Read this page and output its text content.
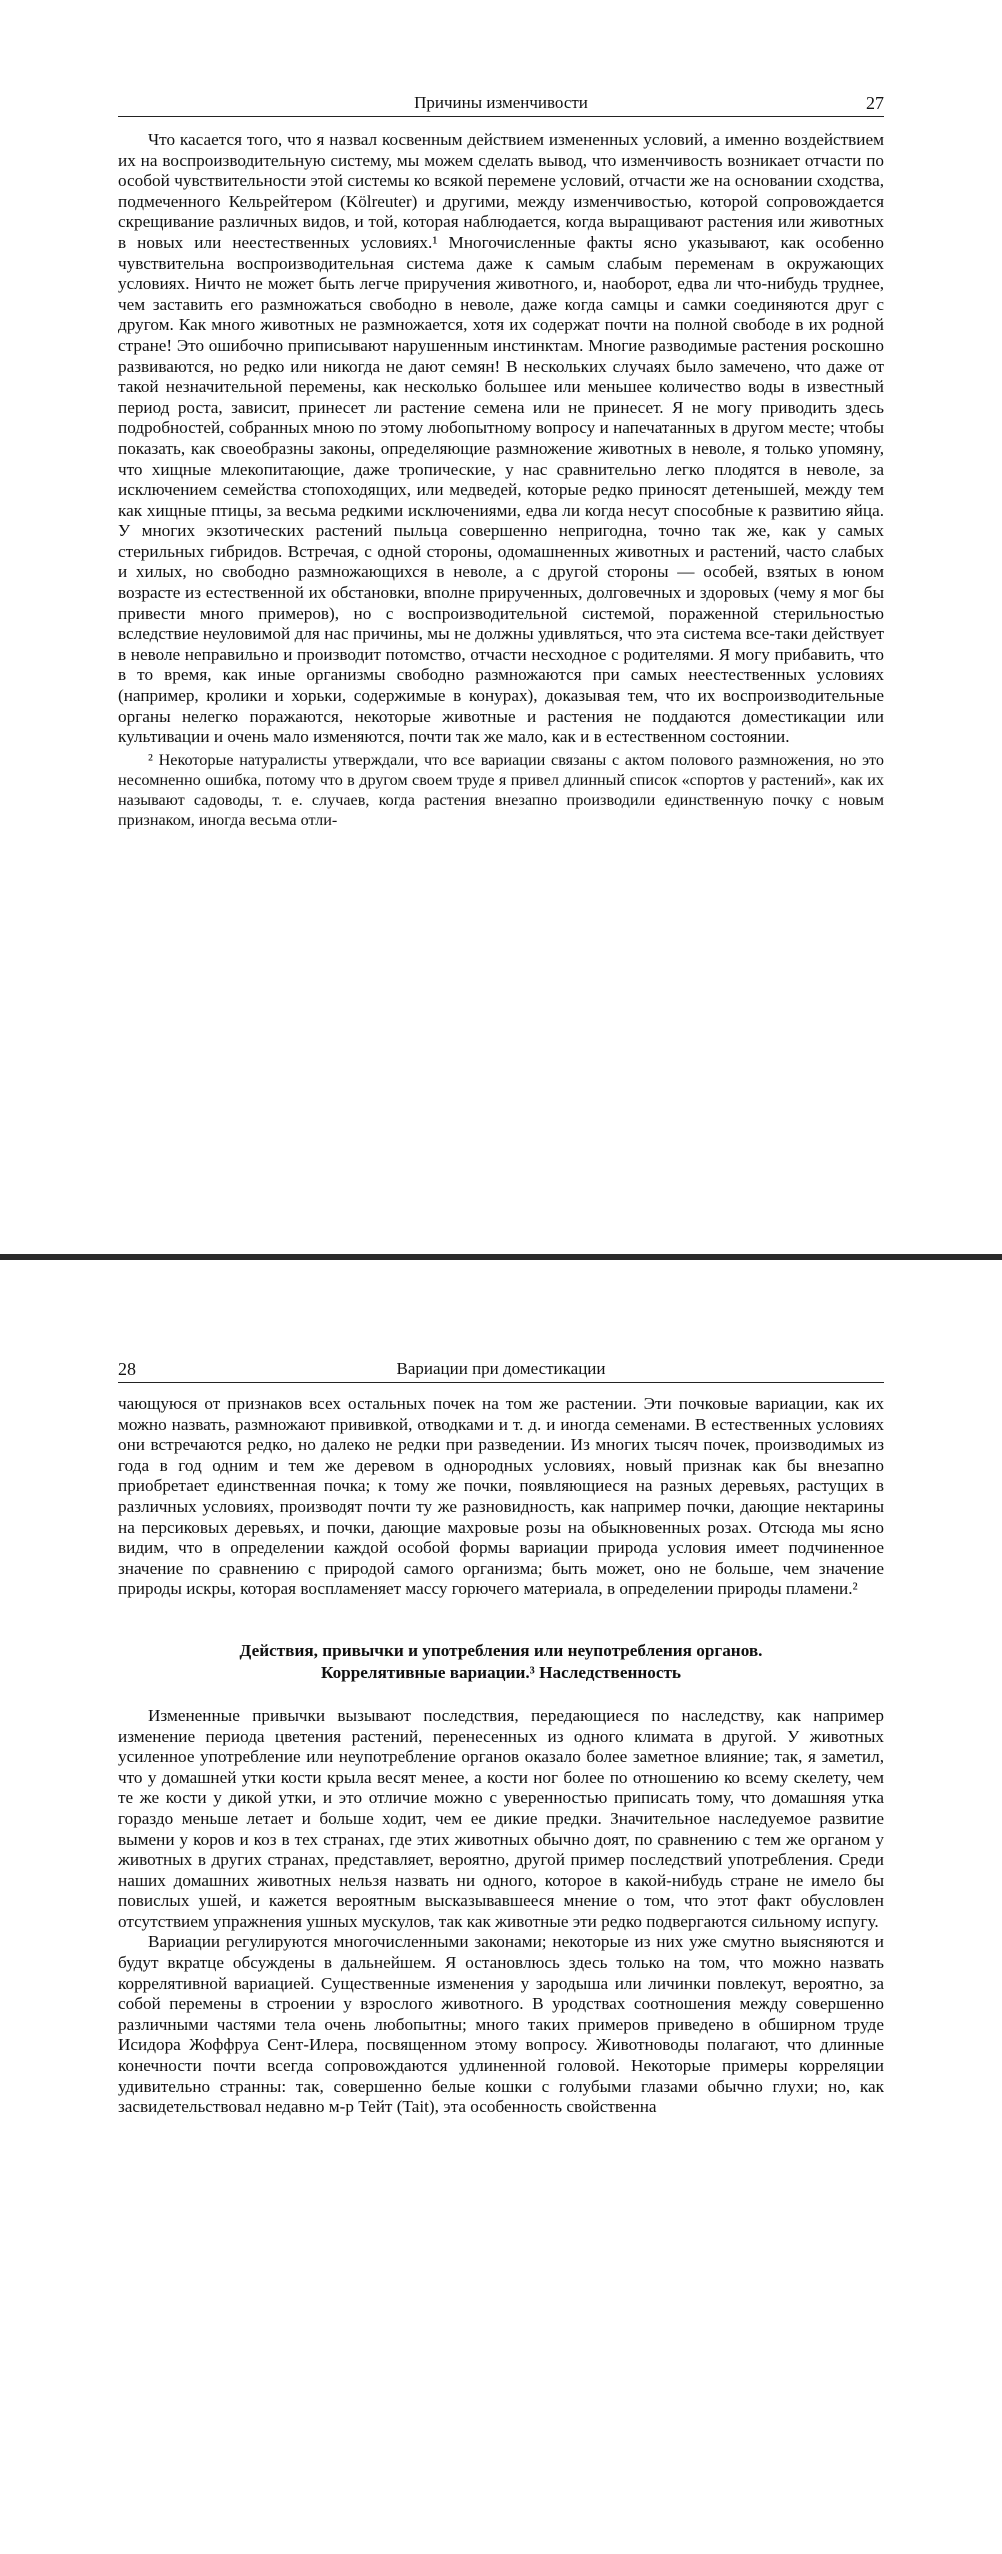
Причины изменчивости	27

Что касается того, что я назвал косвенным действием измененных условий, а именно воздействием их на воспроизводительную систему, мы можем сделать вывод, что изменчивость возникает отчасти по особой чувствительности этой системы ко всякой перемене условий, отчасти же на основании сходства, подмеченного Кельрейтером (Kölreuter) и другими, между изменчивостью, которой сопровождается скрещивание различных видов, и той, которая наблюдается, когда выращивают растения или животных в новых или неестественных условиях.¹ Многочисленные факты ясно указывают, как особенно чувствительна воспроизводительная система даже к самым слабым переменам в окружающих условиях. Ничто не может быть легче приручения животного, и, наоборот, едва ли что-нибудь труднее, чем заставить его размножаться свободно в неволе, даже когда самцы и самки соединяются друг с другом. Как много животных не размножается, хотя их содержат почти на полной свободе в их родной стране! Это ошибочно приписывают нарушенным инстинктам. Многие разводимые растения роскошно развиваются, но редко или никогда не дают семян! В нескольких случаях было замечено, что даже от такой незначительной перемены, как несколько большее или меньшее количество воды в известный период роста, зависит, принесет ли растение семена или не принесет. Я не могу приводить здесь подробностей, собранных мною по этому любопытному вопросу и напечатанных в другом месте; чтобы показать, как своеобразны законы, определяющие размножение животных в неволе, я только упомяну, что хищные млекопитающие, даже тропические, у нас сравнительно легко плодятся в неволе, за исключением семейства стопоходящих, или медведей, которые редко приносят детенышей, между тем как хищные птицы, за весьма редкими исключениями, едва ли когда несут способные к развитию яйца. У многих экзотических растений пыльца совершенно непригодна, точно так же, как у самых стерильных гибридов. Встречая, с одной стороны, одомашненных животных и растений, часто слабых и хилых, но свободно размножающихся в неволе, а с другой стороны — особей, взятых в юном возрасте из естественной их обстановки, вполне прирученных, долговечных и здоровых (чему я мог бы привести много примеров), но с воспроизводительной системой, пораженной стерильностью вследствие неуловимой для нас причины, мы не должны удивляться, что эта система все-таки действует в неволе неправильно и производит потомство, отчасти несходное с родителями. Я могу прибавить, что в то время, как иные организмы свободно размножаются при самых неестественных условиях (например, кролики и хорьки, содержимые в конурах), доказывая тем, что их воспроизводительные органы нелегко поражаются, некоторые животные и растения не поддаются доместикации или культивации и очень мало изменяются, почти так же мало, как и в естественном состоянии.

² Некоторые натуралисты утверждали, что все вариации связаны с актом полового размножения, но это несомненно ошибка, потому что в другом своем труде я привел длинный список «спортов у растений», как их называют садоводы, т. е. случаев, когда растения внезапно производили единственную почку с новым признаком, иногда весьма отли-

28	Вариации при доместикации

чающуюся от признаков всех остальных почек на том же растении. Эти почковые вариации, как их можно назвать, размножают прививкой, отводками и т. д. и иногда семенами. В естественных условиях они встречаются редко, но далеко не редки при разведении. Из многих тысяч почек, производимых из года в год одним и тем же деревом в однородных условиях, новый признак как бы внезапно приобретает единственная почка; к тому же почки, появляющиеся на разных деревьях, растущих в различных условиях, производят почти ту же разновидность, как например почки, дающие нектарины на персиковых деревьях, и почки, дающие махровые розы на обыкновенных розах. Отсюда мы ясно видим, что в определении каждой особой формы вариации природа условия имеет подчиненное значение по сравнению с природой самого организма; быть может, оно не больше, чем значение природы искры, которая воспламеняет массу горючего материала, в определении природы пламени.²

Действия, привычки и употребления или неупотребления органов.
Коррелятивные вариации.³ Наследственность

Измененные привычки вызывают последствия, передающиеся по наследству, как например изменение периода цветения растений, перенесенных из одного климата в другой. У животных усиленное употребление или неупотребление органов оказало более заметное влияние; так, я заметил, что у домашней утки кости крыла весят менее, а кости ног более по отношению ко всему скелету, чем те же кости у дикой утки, и это отличие можно с уверенностью приписать тому, что домашняя утка гораздо меньше летает и больше ходит, чем ее дикие предки. Значительное наследуемое развитие вымени у коров и коз в тех странах, где этих животных обычно доят, по сравнению с тем же органом у животных в других странах, представляет, вероятно, другой пример последствий употребления. Среди наших домашних животных нельзя назвать ни одного, которое в какой-нибудь стране не имело бы повислых ушей, и кажется вероятным высказывавшееся мнение о том, что этот факт обусловлен отсутствием упражнения ушных мускулов, так как животные эти редко подвергаются сильному испугу.

Вариации регулируются многочисленными законами; некоторые из них уже смутно выясняются и будут вкратце обсуждены в дальнейшем. Я остановлюсь здесь только на том, что можно назвать коррелятивной вариацией. Существенные изменения у зародыша или личинки повлекут, вероятно, за собой перемены в строении у взрослого животного. В уродствах соотношения между совершенно различными частями тела очень любопытны; много таких примеров приведено в обширном труде Исидора Жоффруа Сент-Илера, посвященном этому вопросу. Животноводы полагают, что длинные конечности почти всегда сопровождаются удлиненной головой. Некоторые примеры корреляции удивительно странны: так, совершенно белые кошки с голубыми глазами обычно глухи; но, как засвидетельствовал недавно м-р Тейт (Tait), эта особенность свойственна
